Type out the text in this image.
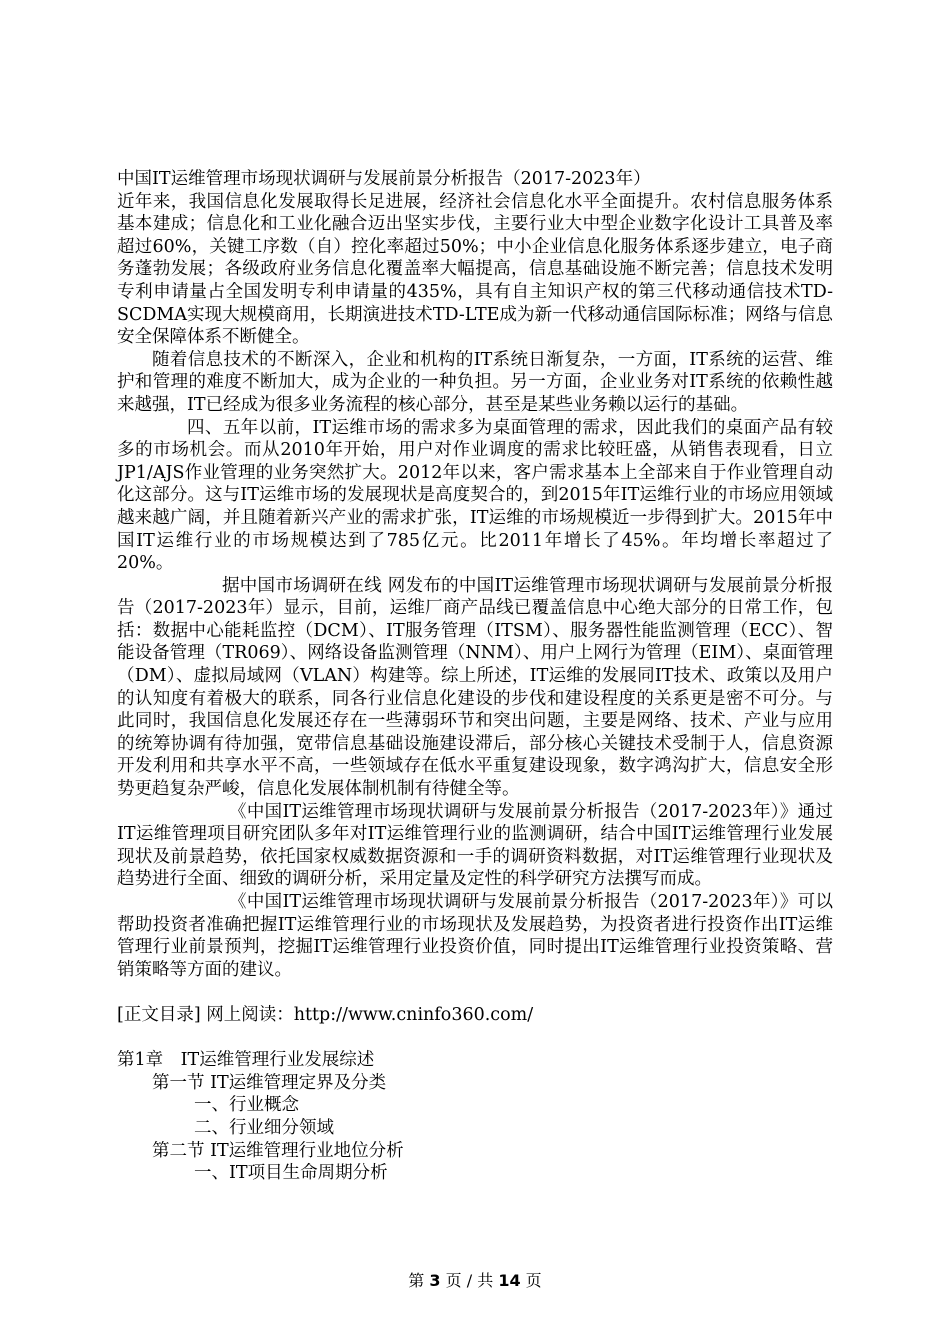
中国IT运维管理市场现状调研与发展前景分析报告（2017-2023年）
近年来，我国信息化发展取得长足进展，经济社会信息化水平全面提升。农村信息服务体系基本建成；信息化和工业化融合迈出坚实步伐，主要行业大中型企业数字化设计工具普及率超过60%，关键工序数（自）控化率超过50%；中小企业信息化服务体系逐步建立，电子商务蓬勃发展；各级政府业务信息化覆盖率大幅提高，信息基础设施不断完善；信息技术发明专利申请量占全国发明专利申请量的435%，具有自主知识产权的第三代移动通信技术TD-SCDMA实现大规模商用，长期演进技术TD-LTE成为新一代移动通信国际标准；网络与信息安全保障体系不断健全。
随着信息技术的不断深入，企业和机构的IT系统日渐复杂，一方面，IT系统的运营、维护和管理的难度不断加大，成为企业的一种负担。另一方面，企业业务对IT系统的依赖性越来越强，IT已经成为很多业务流程的核心部分，甚至是某些业务赖以运行的基础。
四、五年以前，IT运维市场的需求多为桌面管理的需求，因此我们的桌面产品有较多的市场机会。而从2010年开始，用户对作业调度的需求比较旺盛，从销售表现看，日立JP1/AJS作业管理的业务突然扩大。2012年以来，客户需求基本上全部来自于作业管理自动化这部分。这与IT运维市场的发展现状是高度契合的，到2015年IT运维行业的市场应用领域越来越广阔，并且随着新兴产业的需求扩张，IT运维的市场规模近一步得到扩大。2015年中国IT运维行业的市场规模达到了785亿元。比2011年增长了45%。年均增长率超过了20%。
据中国市场调研在线 网发布的中国IT运维管理市场现状调研与发展前景分析报告（2017-2023年）显示，目前，运维厂商产品线已覆盖信息中心绝大部分的日常工作，包括：数据中心能耗监控（DCM）、IT服务管理（ITSM）、服务器性能监测管理（ECC）、智能设备管理（TR069）、网络设备监测管理（NNM）、用户上网行为管理（EIM）、桌面管理（DM）、虚拟局域网（VLAN）构建等。综上所述，IT运维的发展同IT技术、政策以及用户的认知度有着极大的联系，同各行业信息化建设的步伐和建设程度的关系更是密不可分。与此同时，我国信息化发展还存在一些薄弱环节和突出问题，主要是网络、技术、产业与应用的统筹协调有待加强，宽带信息基础设施建设滞后，部分核心关键技术受制于人，信息资源开发利用和共享水平不高，一些领域存在低水平重复建设现象，数字鸿沟扩大，信息安全形势更趋复杂严峻，信息化发展体制机制有待健全等。
《中国IT运维管理市场现状调研与发展前景分析报告（2017-2023年）》通过IT运维管理项目研究团队多年对IT运维管理行业的监测调研，结合中国IT运维管理行业发展现状及前景趋势，依托国家权威数据资源和一手的调研资料数据，对IT运维管理行业现状及趋势进行全面、细致的调研分析，采用定量及定性的科学研究方法撰写而成。
《中国IT运维管理市场现状调研与发展前景分析报告（2017-2023年）》可以帮助投资者准确把握IT运维管理行业的市场现状及发展趋势，为投资者进行投资作出IT运维管理行业前景预判，挖掘IT运维管理行业投资价值，同时提出IT运维管理行业投资策略、营销策略等方面的建议。
[正文目录] 网上阅读：http://www.cninfo360.com/
第1章　IT运维管理行业发展综述
第一节 IT运维管理定界及分类
一、行业概念
二、行业细分领域
第二节 IT运维管理行业地位分析
一、IT项目生命周期分析
第 3 页 / 共 14 页
